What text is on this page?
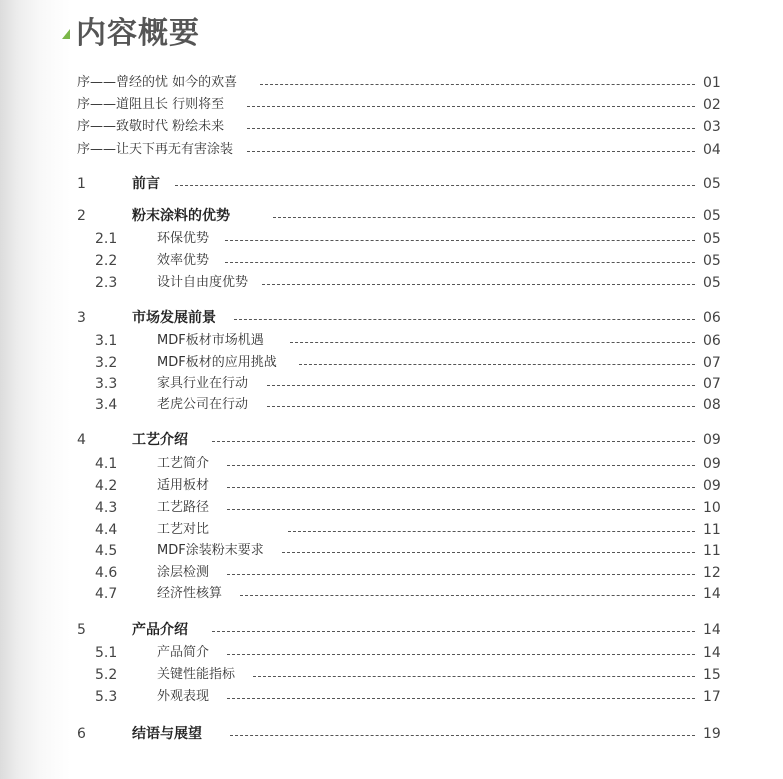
内容概要
序——曾经的忧 如今的欢喜	01
序——道阻且长 行则将至	02
序——致敬时代 粉绘未来	03
序——让天下再无有害涂装	04
1	前言	05
2	粉末涂料的优势	05
2.1	环保优势	05
2.2	效率优势	05
2.3	设计自由度优势	05
3	市场发展前景	06
3.1	MDF板材市场机遇	06
3.2	MDF板材的应用挑战	07
3.3	家具行业在行动	07
3.4	老虎公司在行动	08
4	工艺介绍	09
4.1	工艺简介	09
4.2	适用板材	09
4.3	工艺路径	10
4.4	工艺对比	11
4.5	MDF涂装粉末要求	11
4.6	涂层检测	12
4.7	经济性核算	14
5	产品介绍	14
5.1	产品简介	14
5.2	关键性能指标	15
5.3	外观表现	17
6	结语与展望	19
